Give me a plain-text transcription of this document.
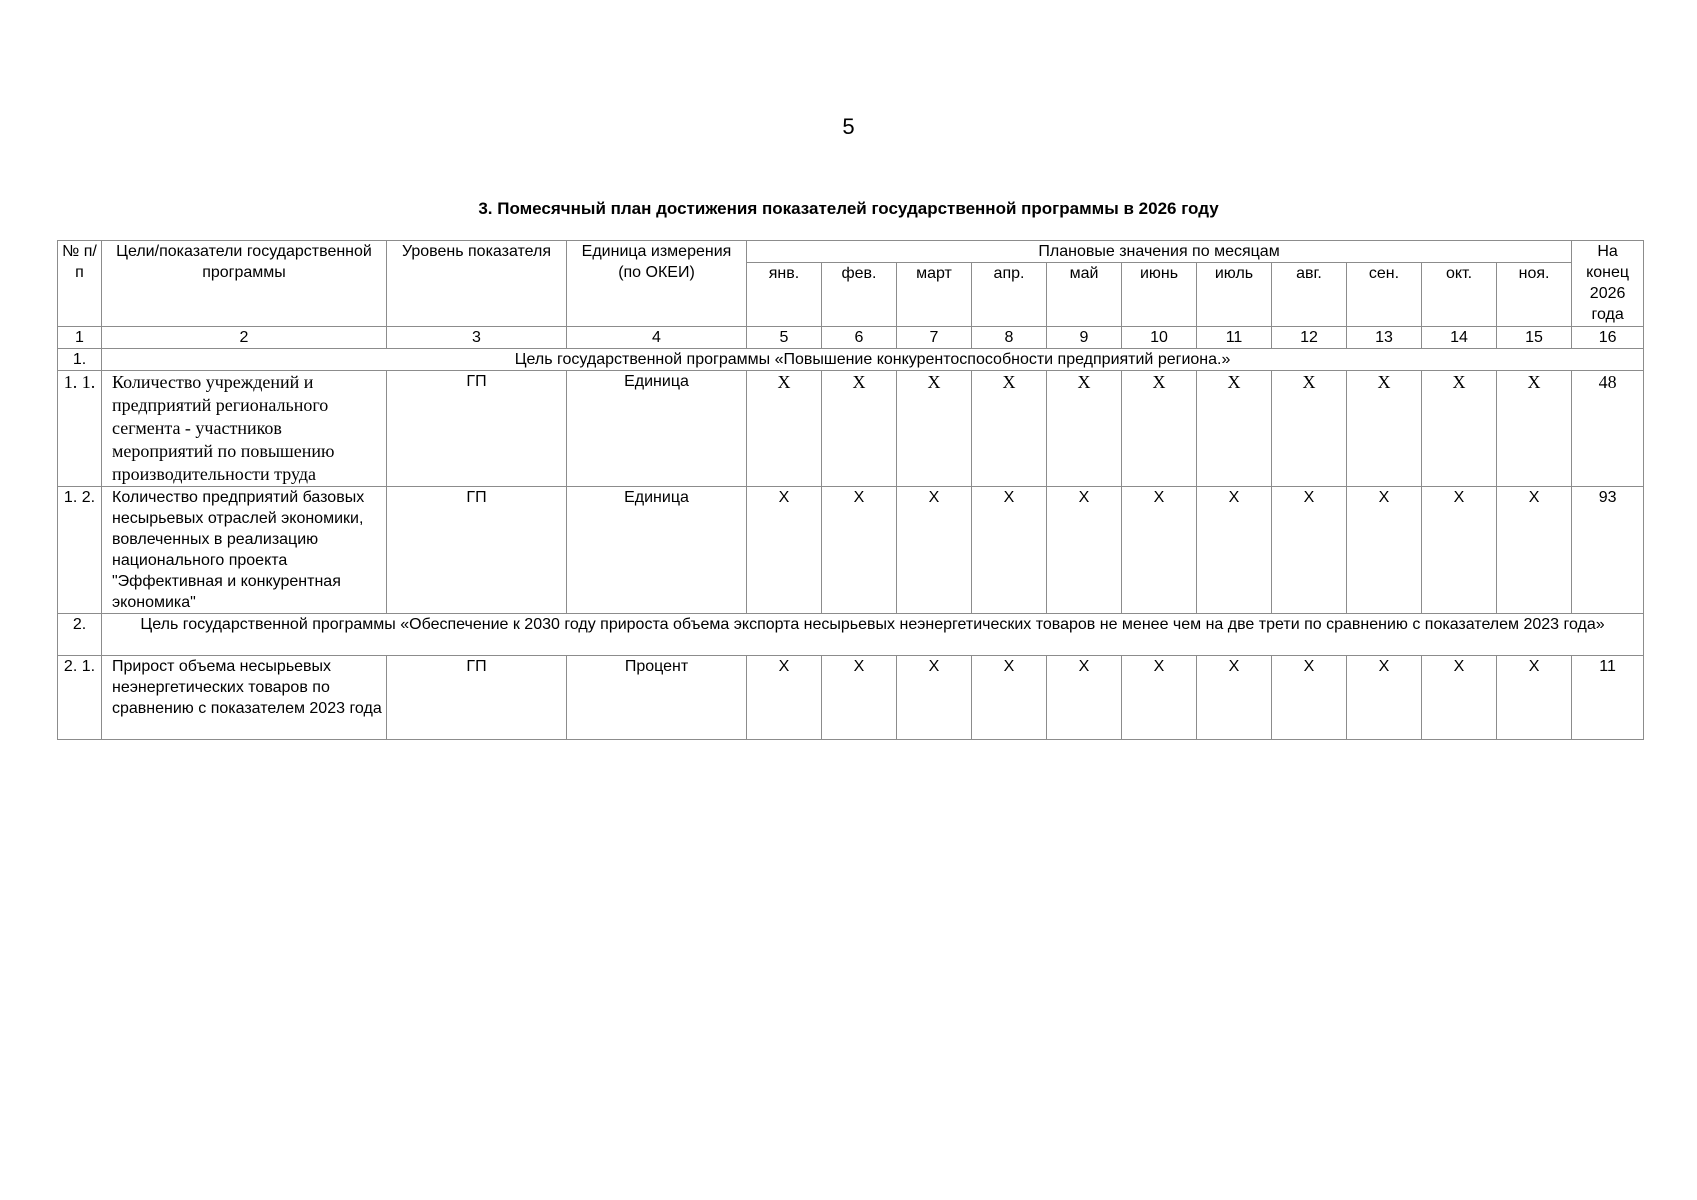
5
3. Помесячный план достижения показателей государственной программы в 2026 году
№ п/п	Цели/показатели государственной программы	Уровень показателя	Единица измерения (по ОКЕИ)	Плановые значения по месяцам											На конец 2026 года
				янв.	фев.	март	апр.	май	июнь	июль	авг.	сен.	окт.	ноя.	
1	2	3	4	5	6	7	8	9	10	11	12	13	14	15	16
1.	Цель государственной программы «Повышение конкурентоспособности предприятий региона.»														
1. 1.	Количество учреждений и предприятий регионального сегмента - участников мероприятий по повышению производительности труда	ГП	Единица	X	X	X	X	X	X	X	X	X	X	X	48
1. 2.	Количество предприятий базовых несырьевых отраслей экономики, вовлеченных в реализацию национального проекта "Эффективная и конкурентная экономика"	ГП	Единица	X	X	X	X	X	X	X	X	X	X	X	93
2.	Цель государственной программы «Обеспечение к 2030 году прироста объема экспорта несырьевых неэнергетических товаров не менее чем на две трети по сравнению с показателем 2023 года»														
2. 1.	Прирост объема несырьевых неэнергетических товаров по сравнению с показателем 2023 года	ГП	Процент	X	X	X	X	X	X	X	X	X	X	X	11
